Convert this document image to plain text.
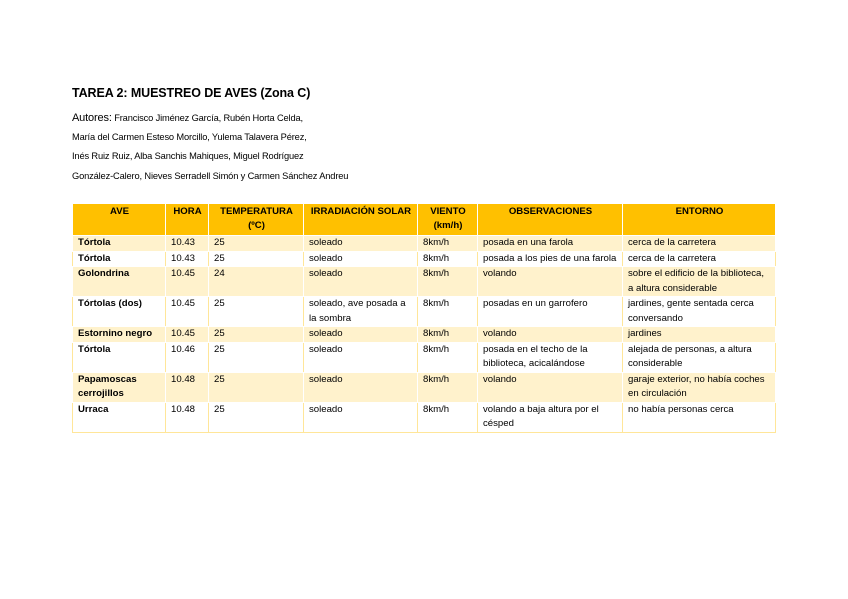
TAREA 2: MUESTREO DE AVES (Zona C)
Autores: Francisco Jiménez García, Rubén Horta Celda,
María del Carmen Esteso Morcillo, Yulema Talavera Pérez,
Inés Ruiz Ruiz, Alba Sanchis Mahiques, Miguel Rodríguez
González-Calero, Nieves Serradell Simón y Carmen Sánchez Andreu
AVE	HORA	TEMPERATURA (ºC)	IRRADIACIÓN SOLAR	VIENTO (km/h)	OBSERVACIONES	ENTORNO
Tórtola	10.43	25	soleado	8km/h	posada en una farola	cerca de la carretera
Tórtola	10.43	25	soleado	8km/h	posada a los pies de una farola	cerca de la carretera
Golondrina	10.45	24	soleado	8km/h	volando	sobre el edificio de la biblioteca, a altura considerable
Tórtolas (dos)	10.45	25	soleado, ave posada a la sombra	8km/h	posadas en un garrofero	jardines, gente sentada cerca conversando
Estornino negro	10.45	25	soleado	8km/h	volando	jardines
Tórtola	10.46	25	soleado	8km/h	posada en el techo de la biblioteca, acicalándose	alejada de personas, a altura considerable
Papamoscas cerrojillos	10.48	25	soleado	8km/h	volando	garaje exterior, no había coches en circulación
Urraca	10.48	25	soleado	8km/h	volando a baja altura por el césped	no había personas cerca
